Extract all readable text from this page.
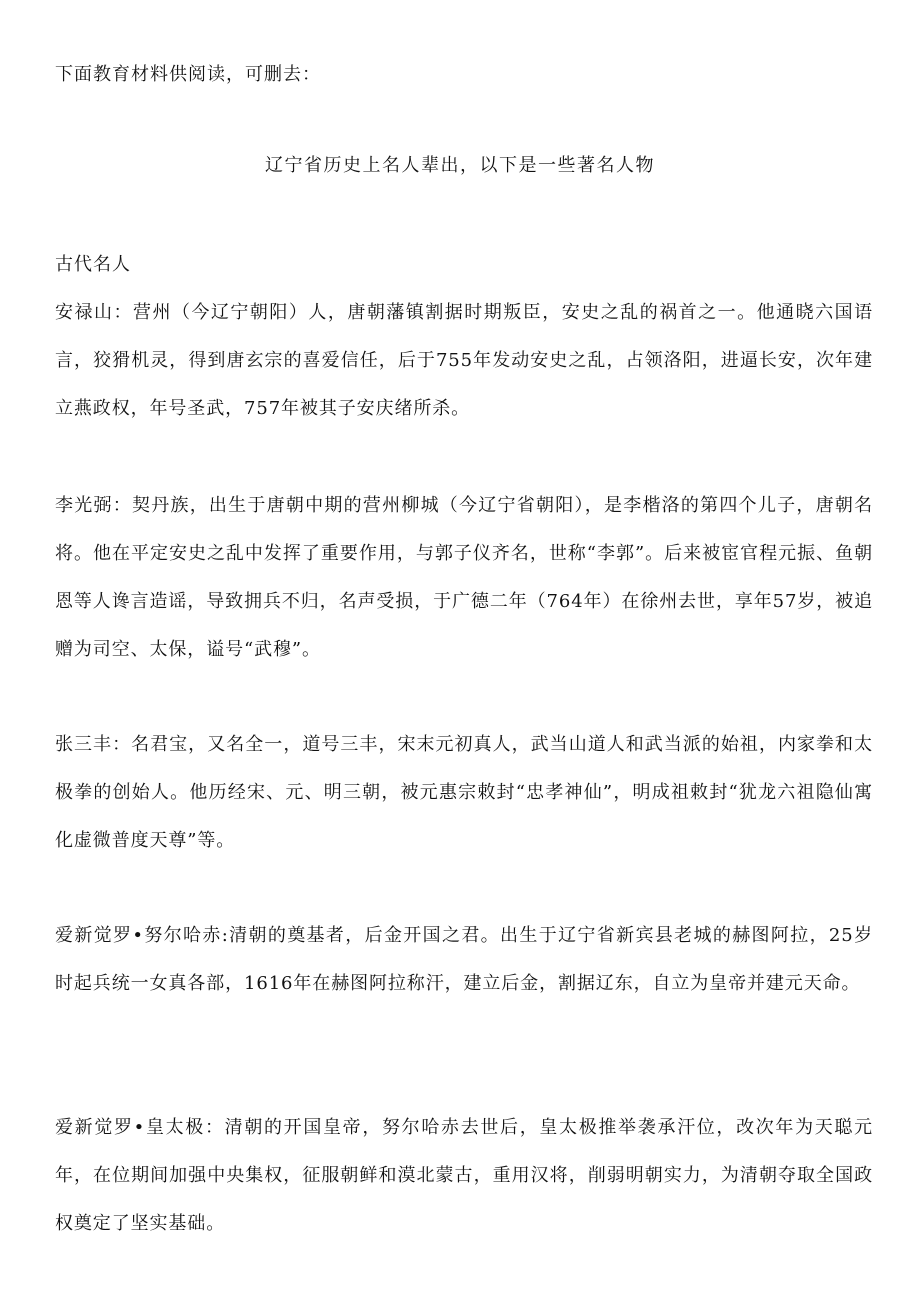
下面教育材料供阅读，可删去：
辽宁省历史上名人辈出，以下是一些著名人物
古代名人
安禄山：营州（今辽宁朝阳）人，唐朝藩镇割据时期叛臣，安史之乱的祸首之一。他通晓六国语言，狡猾机灵，得到唐玄宗的喜爱信任，后于755年发动安史之乱，占领洛阳，进逼长安，次年建立燕政权，年号圣武，757年被其子安庆绪所杀。
李光弼：契丹族，出生于唐朝中期的营州柳城（今辽宁省朝阳），是李楷洛的第四个儿子，唐朝名将。他在平定安史之乱中发挥了重要作用，与郭子仪齐名，世称“李郭”。后来被宦官程元振、鱼朝恩等人谗言造谣，导致拥兵不归，名声受损，于广德二年（764年）在徐州去世，享年57岁，被追赠为司空、太保，谥号“武穆”。
张三丰：名君宝，又名全一，道号三丰，宋末元初真人，武当山道人和武当派的始祖，内家拳和太极拳的创始人。他历经宋、元、明三朝，被元惠宗敕封“忠孝神仙”，明成祖敕封“犹龙六祖隐仙寓化虚微普度天尊”等。
爱新觉罗•努尔哈赤:清朝的奠基者，后金开国之君。出生于辽宁省新宾县老城的赫图阿拉，25岁时起兵统一女真各部，1616年在赫图阿拉称汗，建立后金，割据辽东，自立为皇帝并建元天命。
爱新觉罗•皇太极：清朝的开国皇帝，努尔哈赤去世后，皇太极推举袭承汗位，改次年为天聪元年，在位期间加强中央集权，征服朝鲜和漠北蒙古，重用汉将，削弱明朝实力，为清朝夺取全国政权奠定了坚实基础。
